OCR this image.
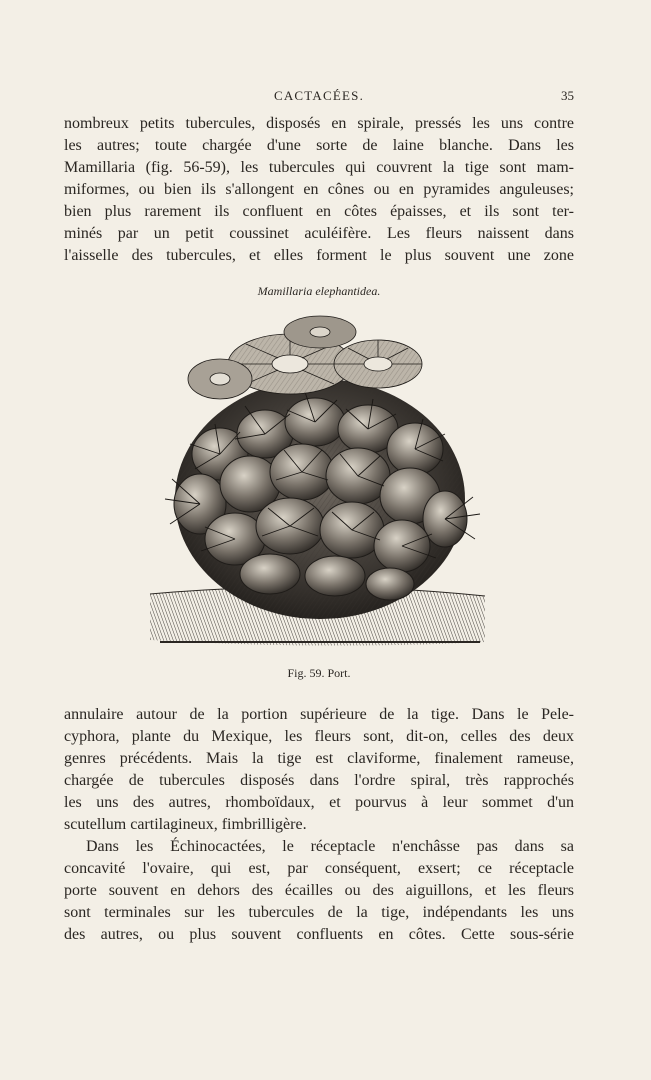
CACTACÉES.	35
nombreux petits tubercules, disposés en spirale, pressés les uns contre
les autres; toute chargée d'une sorte de laine blanche. Dans les
Mamillaria (fig. 56-59), les tubercules qui couvrent la tige sont mam-
miformes, ou bien ils s'allongent en cônes ou en pyramides anguleuses;
bien plus rarement ils confluent en côtes épaisses, et ils sont ter-
minés par un petit coussinet aculéifère. Les fleurs naissent dans
l'aisselle des tubercules, et elles forment le plus souvent une zone
Mamillaria elephantidea.
Fig. 59. Port.
annulaire autour de la portion supérieure de la tige. Dans le Pele-
cyphora, plante du Mexique, les fleurs sont, dit-on, celles des deux
genres précédents. Mais la tige est claviforme, finalement rameuse,
chargée de tubercules disposés dans l'ordre spiral, très rapprochés
les uns des autres, rhomboïdaux, et pourvus à leur sommet d'un
scutellum cartilagineux, fimbrilligère.
Dans les Échinocactées, le réceptacle n'enchâsse pas dans sa
concavité l'ovaire, qui est, par conséquent, exsert; ce réceptacle
porte souvent en dehors des écailles ou des aiguillons, et les fleurs
sont terminales sur les tubercules de la tige, indépendants les uns
des autres, ou plus souvent confluents en côtes. Cette sous-série
